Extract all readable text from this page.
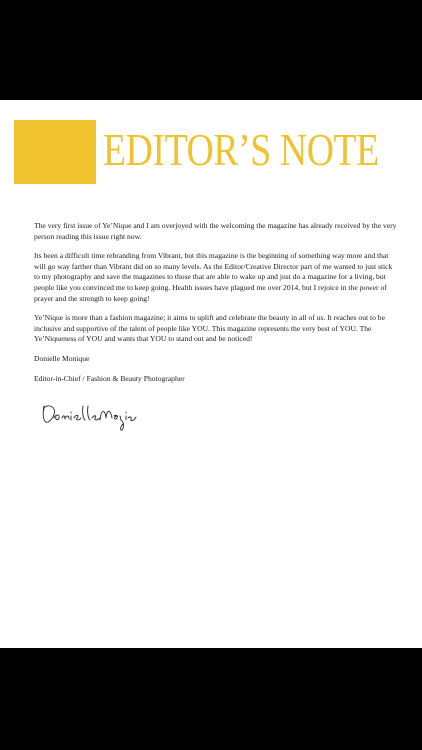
EDITOR’S NOTE

The very first issue of Ye’Nique and I am overjoyed with the welcoming the magazine has already received by the very person reading this issue right now.

Its been a difficult time rebranding from Vibrant, but this magazine is the beginning of something way more and that will go way farther than Vibrant did on so many levels. As the Editor/Creative Director part of me wanted to just stick to my photography and save the magazines to those that are able to wake up and just do a magazine for a living, but people like you convinced me to keep going. Health issues have plagued me over 2014, but I rejoice in the power of prayer and the strength to keep going!

Ye’Nique is more than a fashion magazine; it aims to uplift and celebrate the beauty in all of us. It reaches out to be inclusive and supportive of the talent of people like YOU. This magazine represents the very best of YOU. The Ye’Niqueness of YOU and wants that YOU to stand out and be noticed!

Donielle Monique

Editor-in-Chief / Fashion & Beauty Photographer
